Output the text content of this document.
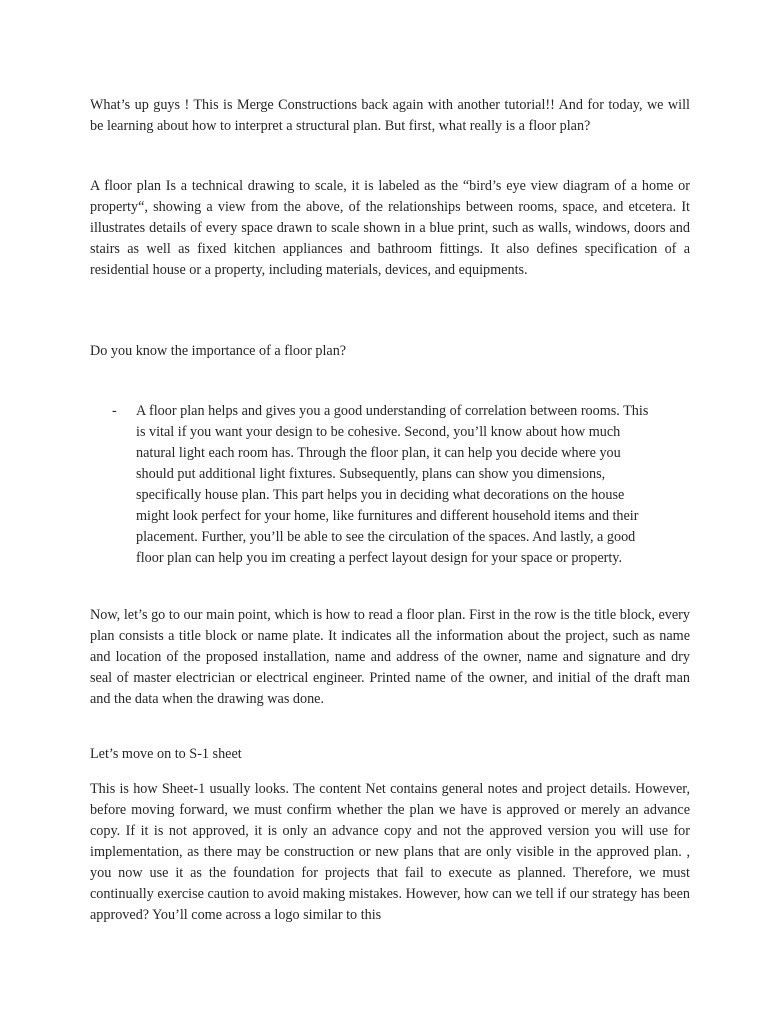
What’s up guys ! This is Merge Constructions back again with another tutorial!! And for today, we will be learning about how to interpret a structural plan. But first, what really is a floor plan?

A floor plan Is a technical drawing to scale, it is labeled as the “bird’s eye view diagram of a home or property“, showing a view from the above, of the relationships between rooms, space, and etcetera. It illustrates details of every space drawn to scale shown in a blue print, such as walls, windows, doors and stairs as well as fixed kitchen appliances and bathroom fittings. It also defines specification of a residential house or a property, including materials, devices, and equipments.

Do you know the importance of a floor plan?

- A floor plan helps and gives you a good understanding of correlation between rooms. This is vital if you want your design to be cohesive. Second, you’ll know about how much natural light each room has. Through the floor plan, it can help you decide where you should put additional light fixtures. Subsequently, plans can show you dimensions, specifically house plan. This part helps you in deciding what decorations on the house might look perfect for your home, like furnitures and different household items and their placement. Further, you’ll be able to see the circulation of the spaces. And lastly, a good floor plan can help you im creating a perfect layout design for your space or property.

Now, let’s go to our main point, which is how to read a floor plan. First in the row is the title block, every plan consists a title block or name plate. It indicates all the information about the project, such as name and location of the proposed installation, name and address of the owner, name and signature and dry seal of master electrician or electrical engineer. Printed name of the owner, and initial of the draft man and the data when the drawing was done.

Let’s move on to S-1 sheet

This is how Sheet-1 usually looks. The content Net contains general notes and project details. However, before moving forward, we must confirm whether the plan we have is approved or merely an advance copy. If it is not approved, it is only an advance copy and not the approved version you will use for implementation, as there may be construction or new plans that are only visible in the approved plan. , you now use it as the foundation for projects that fail to execute as planned. Therefore, we must continually exercise caution to avoid making mistakes. However, how can we tell if our strategy has been approved? You’ll come across a logo similar to this
